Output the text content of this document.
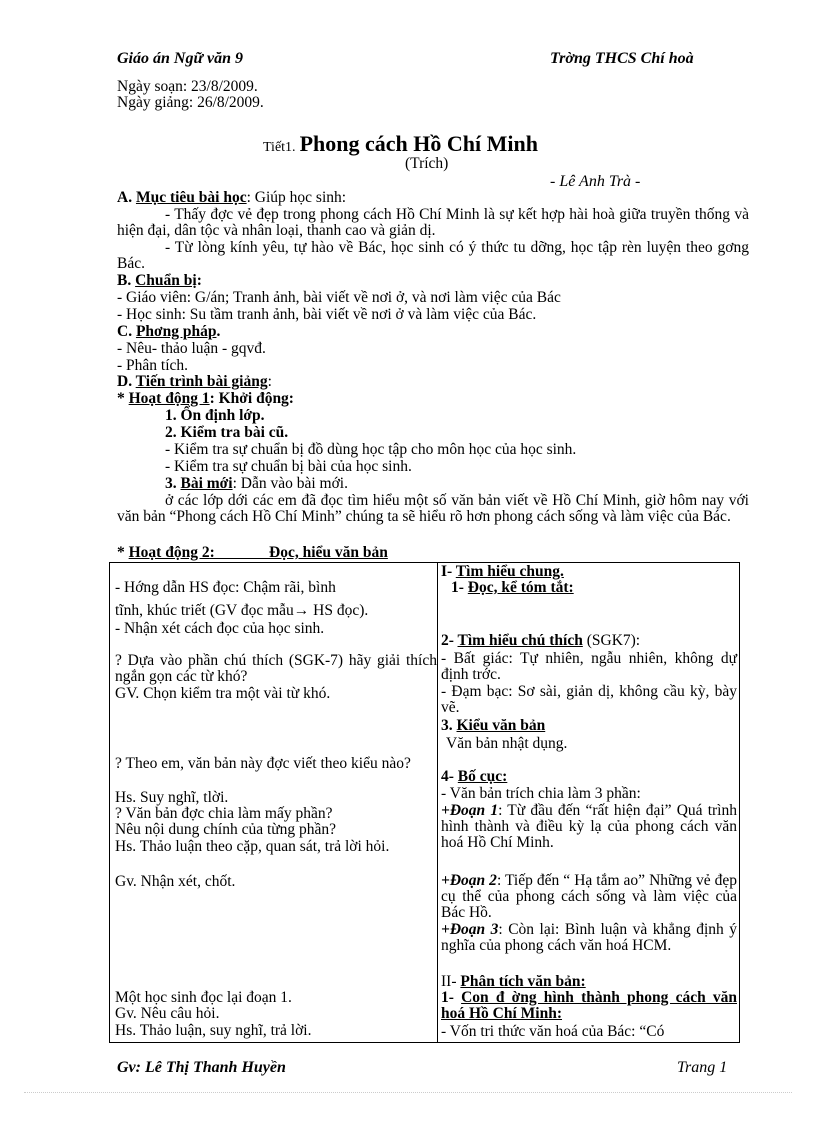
Giáo án Ngữ văn 9	Trờng THCS Chí hoà
Ngày soạn: 23/8/2009.
Ngày giảng: 26/8/2009.
Tiết1. Phong cách Hồ Chí Minh
(Trích)
- Lê Anh Trà -
A. Mục tiêu bài học: Giúp học sinh:
- Thấy đợc vẻ đẹp trong phong cách Hồ Chí Minh là sự kết hợp hài hoà giữa truyền thống và hiện đại, dân tộc và nhân loại, thanh cao và giản dị.
- Từ lòng kính yêu, tự hào về Bác, học sinh có ý thức tu dỡng, học tập rèn luyện theo gơng Bác.
B. Chuẩn bị:
- Giáo viên: G/án; Tranh ảnh, bài viết về nơi ở, và nơi làm việc của Bác
- Học sinh: Su tầm tranh ảnh, bài viết về nơi ở và làm việc của Bác.
C. Phơng pháp.
- Nêu- thảo luận - gqvđ.
- Phân tích.
D. Tiến trình bài giảng:
* Hoạt động 1: Khởi động:
1. Ổn định lớp.
2. Kiểm tra bài cũ.
- Kiểm tra sự chuẩn bị đồ dùng học tập cho môn học của học sinh.
- Kiểm tra sự chuẩn bị bài của học sinh.
3. Bài mới: Dẫn vào bài mới.
ở các lớp dới các em đã đọc tìm hiểu một số văn bản viết về Hồ Chí Minh, giờ hôm nay với văn bản “Phong cách Hồ Chí Minh” chúng ta sẽ hiểu rõ hơn phong cách sống và làm việc của Bác.
* Hoạt động 2:              Đọc, hiểu văn bản
- Hớng dẫn HS đọc: Chậm rãi, bình
tĩnh, khúc triết (GV đọc mẫu→ HS đọc).
- Nhận xét cách đọc của học sinh.
? Dựa vào phần chú thích (SGK-7) hãy giải thích ngắn gọn các từ khó?
GV. Chọn kiểm tra một vài từ khó.
? Theo em, văn bản này đợc viết theo kiểu nào?
Hs. Suy nghĩ, tlời.
? Văn bản đợc chia làm mấy phần?
Nêu nội dung chính của từng phần?
Hs. Thảo luận theo cặp, quan sát, trả lời hỏi.
Gv. Nhận xét, chốt.
Một học sinh đọc lại đoạn 1.
Gv. Nêu câu hỏi.
Hs. Thảo luận, suy nghĩ, trả lời.
I- Tìm hiểu chung.
1- Đọc, kể tóm tắt:
2- Tìm hiểu chú thích (SGK7):
- Bất giác: Tự nhiên, ngẫu nhiên, không dự định trớc.
- Đạm bạc: Sơ sài, giản dị, không cầu kỳ, bày vẽ.
3. Kiểu văn bản
Văn bản nhật dụng.
4- Bố cục:
- Văn bản trích chia làm 3 phần:
+Đoạn 1: Từ đầu đến “rất hiện đại” Quá trình hình thành và điều kỳ lạ của phong cách văn hoá Hồ Chí Minh.
+Đoạn 2: Tiếp đến “ Hạ tắm ao” Những vẻ đẹp cụ thể của phong cách sống và làm việc của Bác Hồ.
+Đoạn 3: Còn lại: Bình luận và khẳng định ý nghĩa của phong cách văn hoá HCM.
II- Phân tích văn bản:
1- Con đ ờng hình thành phong cách văn hoá Hồ Chí Minh:
- Vốn tri thức văn hoá của Bác: “Có
Gv: Lê Thị Thanh Huyền	Trang 1
